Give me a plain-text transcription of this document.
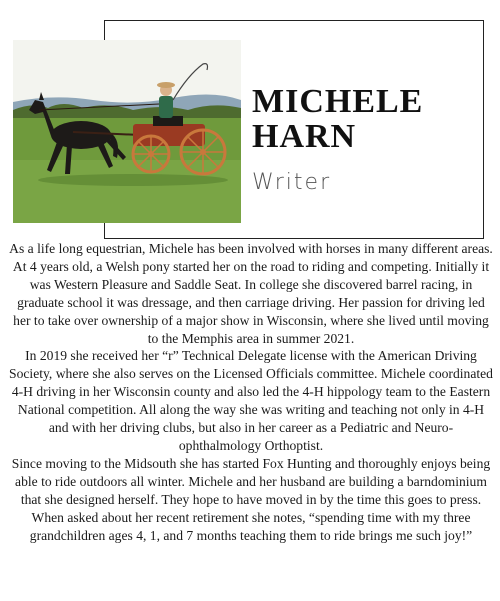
MICHELE
HARN
Writer

As a life long equestrian, Michele has been involved with horses in many different areas. At 4 years old, a Welsh pony started her on the road to riding and competing. Initially it was Western Pleasure and Saddle Seat. In college she discovered barrel racing, in graduate school it was dressage, and then carriage driving. Her passion for driving led her to take over ownership of a major show in Wisconsin, where she lived until moving to the Memphis area in summer 2021.

In 2019 she received her “r” Technical Delegate license with the American Driving Society, where she also serves on the Licensed Officials committee. Michele coordinated 4-H driving in her Wisconsin county and also led the 4-H hippology team to the Eastern National competition. All along the way she was writing and teaching not only in 4-H and with her driving clubs, but also in her career as a Pediatric and Neuro-ophthalmology Orthoptist.

Since moving to the Midsouth she has started Fox Hunting and thoroughly enjoys being able to ride outdoors all winter. Michele and her husband are building a barndominium that she designed herself. They hope to have moved in by the time this goes to press. When asked about her recent retirement she notes, “spending time with my three grandchildren ages 4, 1, and 7 months teaching them to ride brings me such joy!”
